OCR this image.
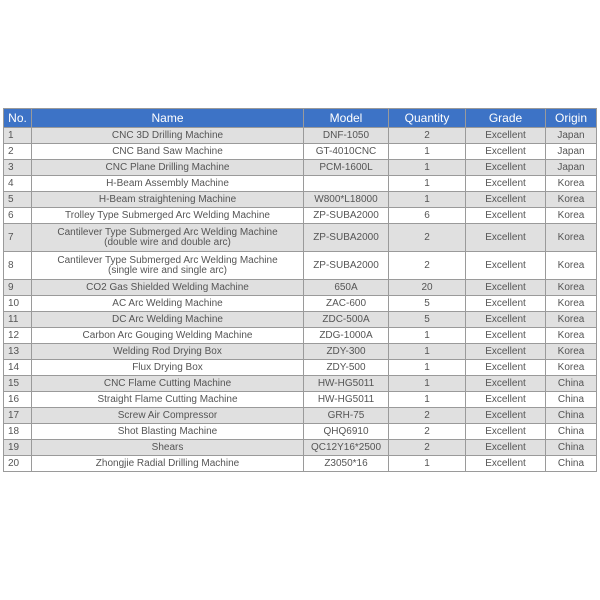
No.	Name	Model	Quantity	Grade	Origin
1	CNC 3D Drilling Machine	DNF-1050	2	Excellent	Japan
2	CNC Band Saw Machine	GT-4010CNC	1	Excellent	Japan
3	CNC Plane Drilling Machine	PCM-1600L	1	Excellent	Japan
4	H-Beam Assembly Machine		1	Excellent	Korea
5	H-Beam straightening Machine	W800*L18000	1	Excellent	Korea
6	Trolley Type Submerged Arc Welding Machine	ZP-SUBA2000	6	Excellent	Korea
7	Cantilever Type Submerged Arc Welding Machine
(double wire and double arc)	ZP-SUBA2000	2	Excellent	Korea
8	Cantilever Type Submerged Arc Welding Machine
(single wire and single arc)	ZP-SUBA2000	2	Excellent	Korea
9	CO2 Gas Shielded Welding Machine	650A	20	Excellent	Korea
10	AC Arc Welding Machine	ZAC-600	5	Excellent	Korea
11	DC Arc Welding Machine	ZDC-500A	5	Excellent	Korea
12	Carbon Arc Gouging Welding Machine	ZDG-1000A	1	Excellent	Korea
13	Welding Rod Drying Box	ZDY-300	1	Excellent	Korea
14	Flux Drying Box	ZDY-500	1	Excellent	Korea
15	CNC Flame Cutting Machine	HW-HG5011	1	Excellent	China
16	Straight Flame Cutting Machine	HW-HG5011	1	Excellent	China
17	Screw Air Compressor	GRH-75	2	Excellent	China
18	Shot Blasting Machine	QHQ6910	2	Excellent	China
19	Shears	QC12Y16*2500	2	Excellent	China
20	Zhongjie Radial Drilling Machine	Z3050*16	1	Excellent	China
